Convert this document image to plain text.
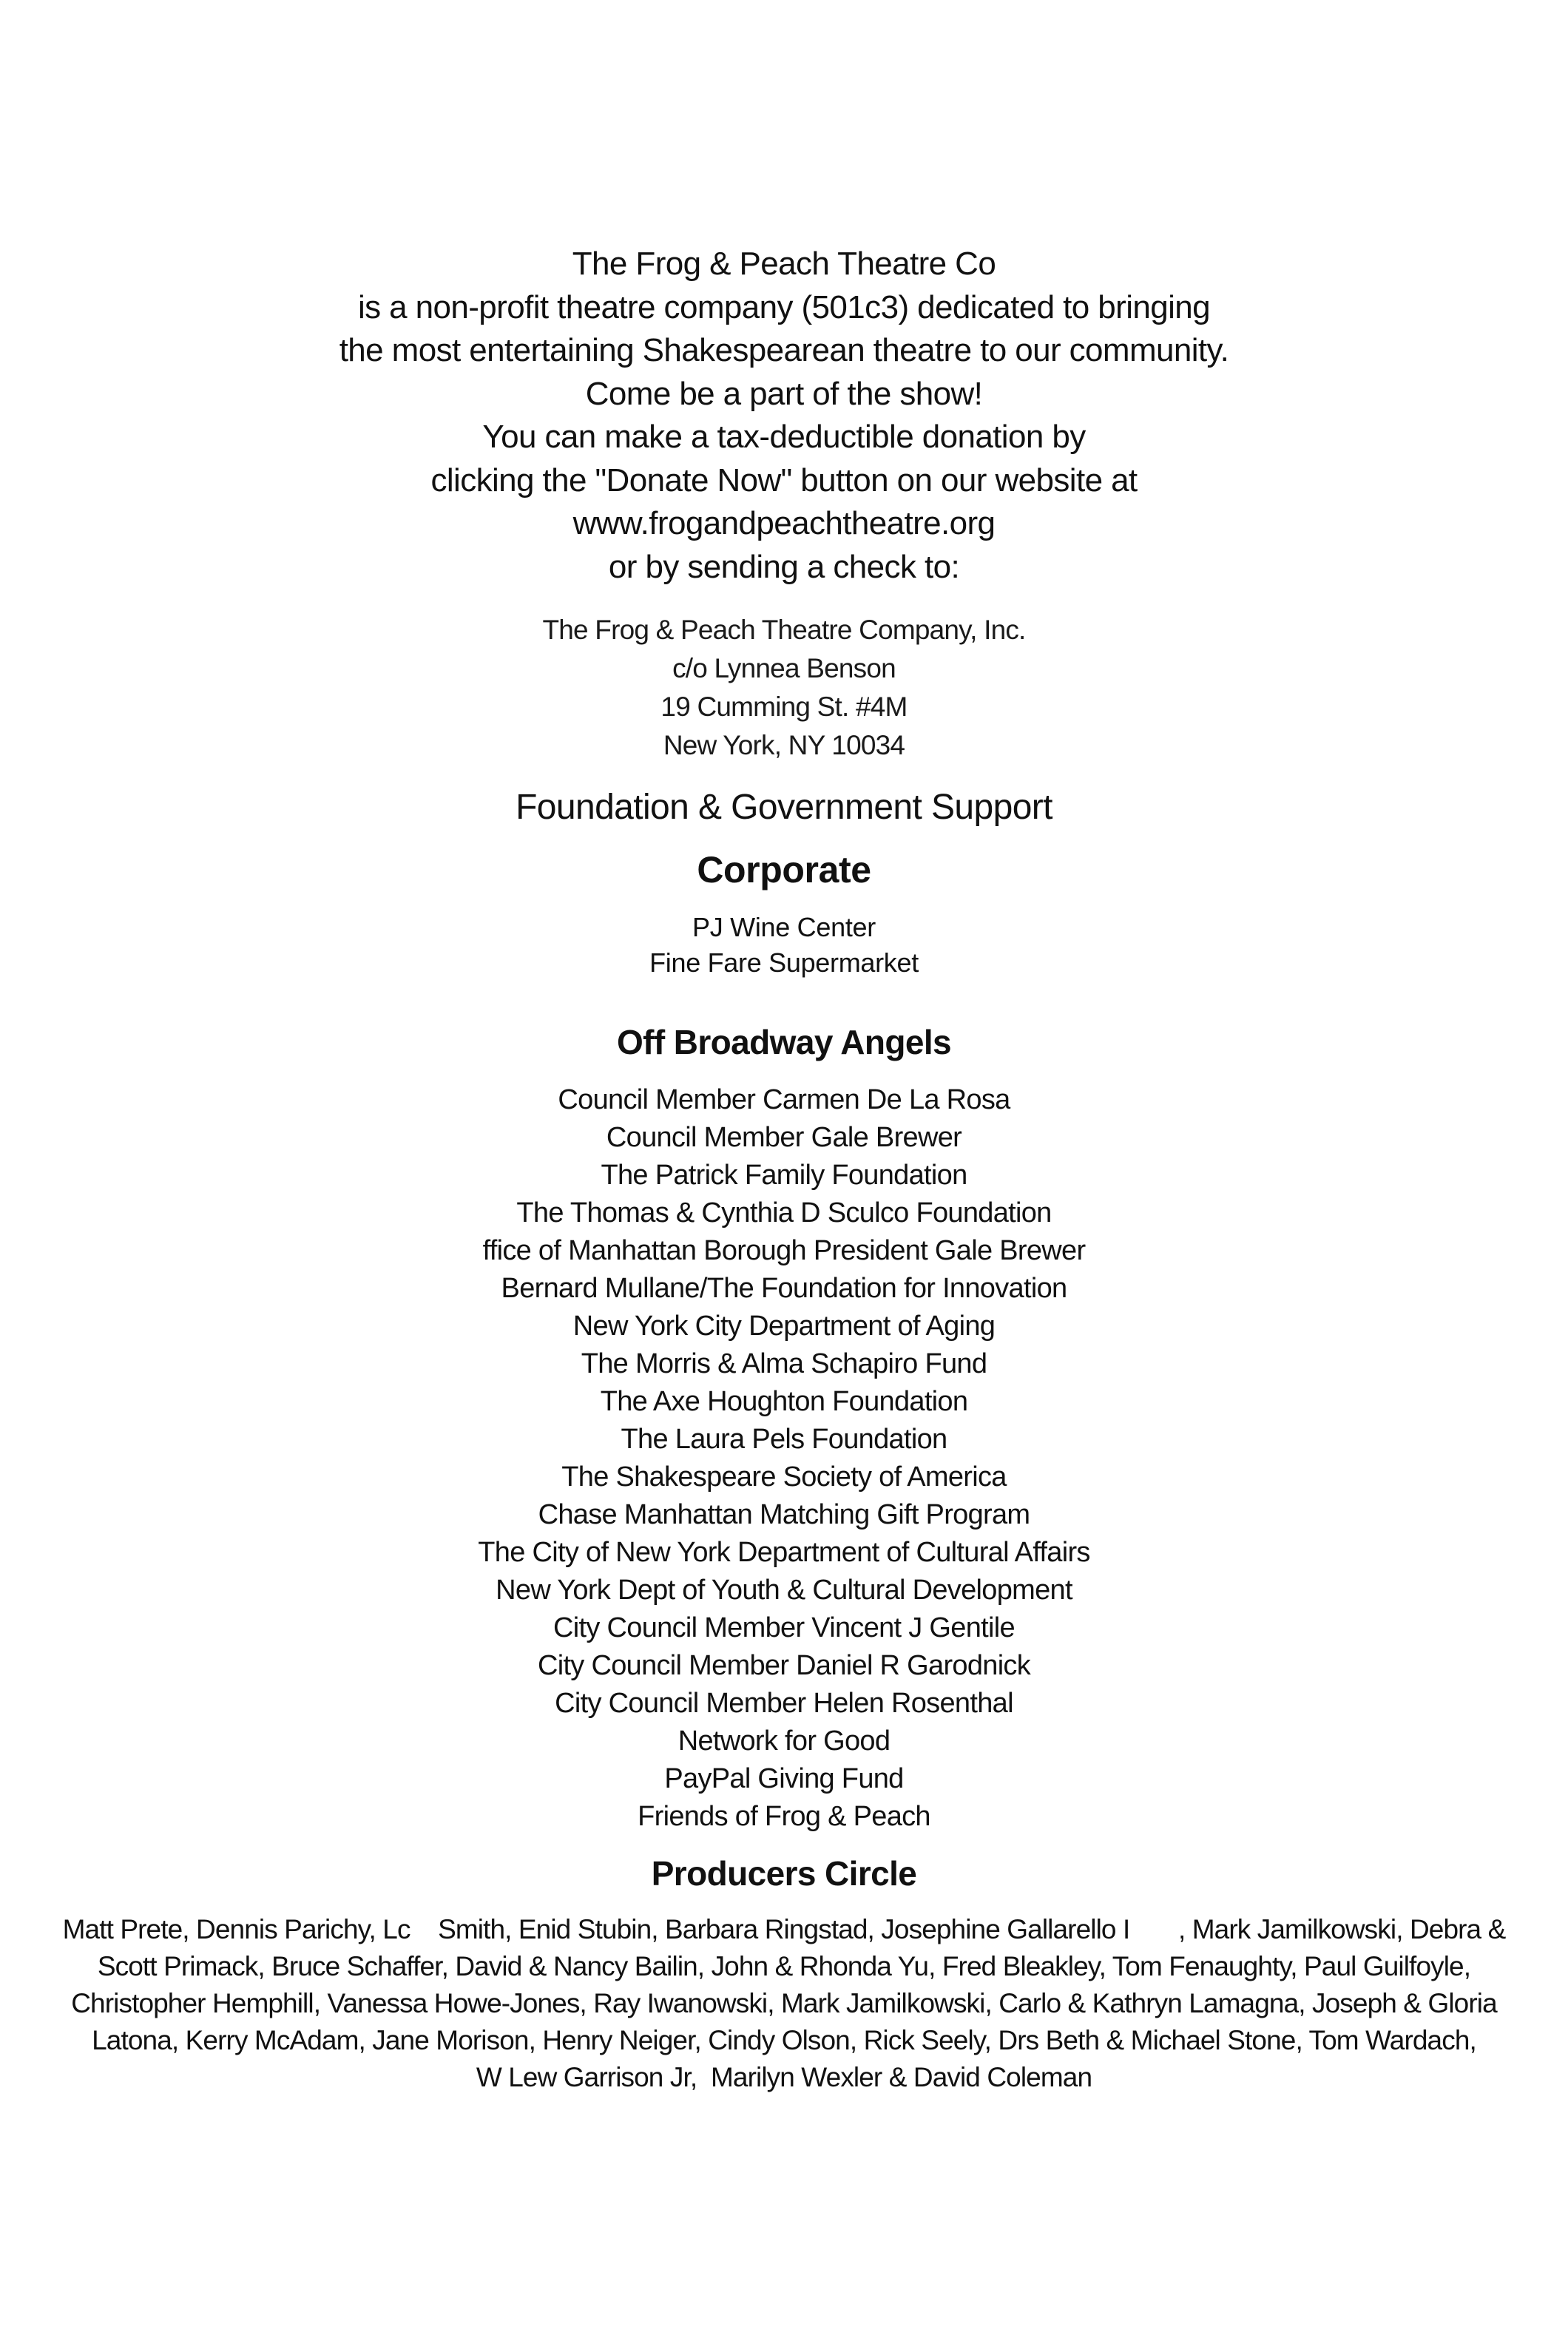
The Frog & Peach Theatre Co
is a non-profit theatre company (501c3) dedicated to bringing
the most entertaining Shakespearean theatre to our community.
Come be a part of the show!
You can make a tax-deductible donation by
clicking the "Donate Now" button on our website at
www.frogandpeachtheatre.org
or by sending a check to:
The Frog & Peach Theatre Company, Inc.
c/o Lynnea Benson
19 Cumming St. #4M
New York, NY 10034
Foundation & Government Support
Corporate
PJ Wine Center
Fine Fare Supermarket
Off Broadway Angels
Council Member Carmen De La Rosa
Council Member Gale Brewer
The Patrick Family Foundation
The Thomas & Cynthia D Sculco Foundation
ffice of Manhattan Borough President Gale Brewer
Bernard Mullane/The Foundation for Innovation
New York City Department of Aging
The Morris & Alma Schapiro Fund
The Axe Houghton Foundation
The Laura Pels Foundation
The Shakespeare Society of America
Chase Manhattan Matching Gift Program
The City of New York Department of Cultural Affairs
New York Dept of Youth & Cultural Development
City Council Member Vincent J Gentile
City Council Member Daniel R Garodnick
City Council Member Helen Rosenthal
Network for Good
PayPal Giving Fund
Friends of Frog & Peach
Producers Circle
Matt Prete, Dennis Parichy, Lc    Smith, Enid Stubin, Barbara Ringstad, Josephine Gallarello I       , Mark Jamilkowski, Debra &
Scott Primack, Bruce Schaffer, David & Nancy Bailin, John & Rhonda Yu, Fred Bleakley, Tom Fenaughty, Paul Guilfoyle,
Christopher Hemphill, Vanessa Howe-Jones, Ray Iwanowski, Mark Jamilkowski, Carlo & Kathryn Lamagna, Joseph & Gloria
Latona, Kerry McAdam, Jane Morison, Henry Neiger, Cindy Olson, Rick Seely, Drs Beth & Michael Stone, Tom Wardach,
W Lew Garrison Jr,  Marilyn Wexler & David Coleman
